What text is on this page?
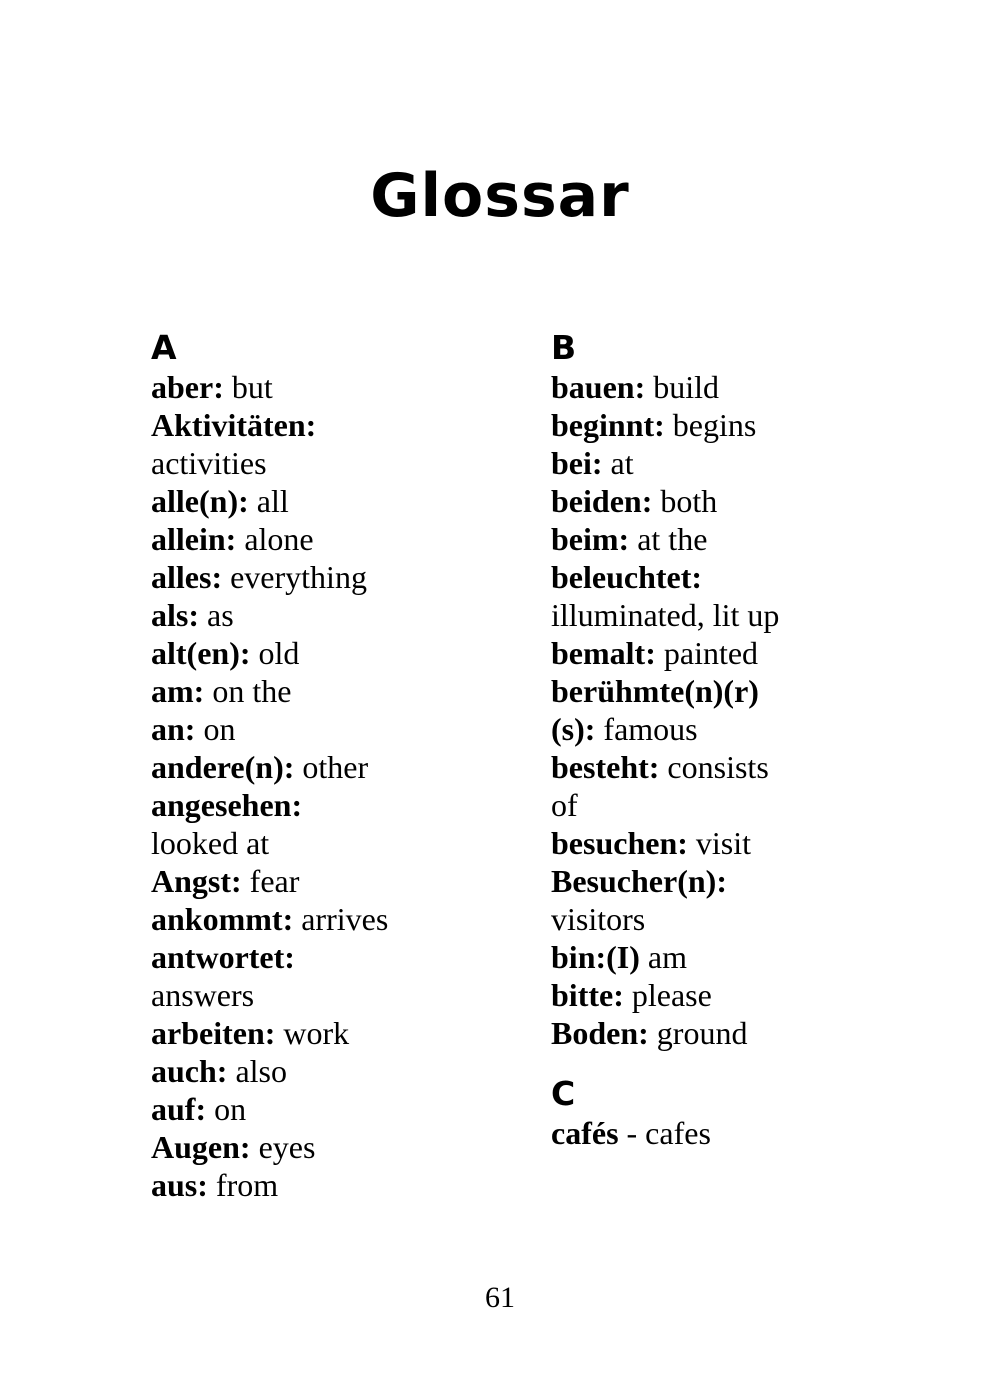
Glossar
A
aber: but
Aktivitäten:
activities
alle(n): all
allein: alone
alles: everything
als: as
alt(en): old
am: on the
an: on
andere(n): other
angesehen:
looked at
Angst: fear
ankommt: arrives
antwortet:
answers
arbeiten: work
auch: also
auf: on
Augen: eyes
aus: from
B
bauen: build
beginnt: begins
bei: at
beiden: both
beim: at the
beleuchtet:
illuminated, lit up
bemalt: painted
berühmte(n)(r)
(s): famous
besteht: consists
of
besuchen: visit
Besucher(n):
visitors
bin:(I) am
bitte: please
Boden: ground
C
cafés - cafes
61
